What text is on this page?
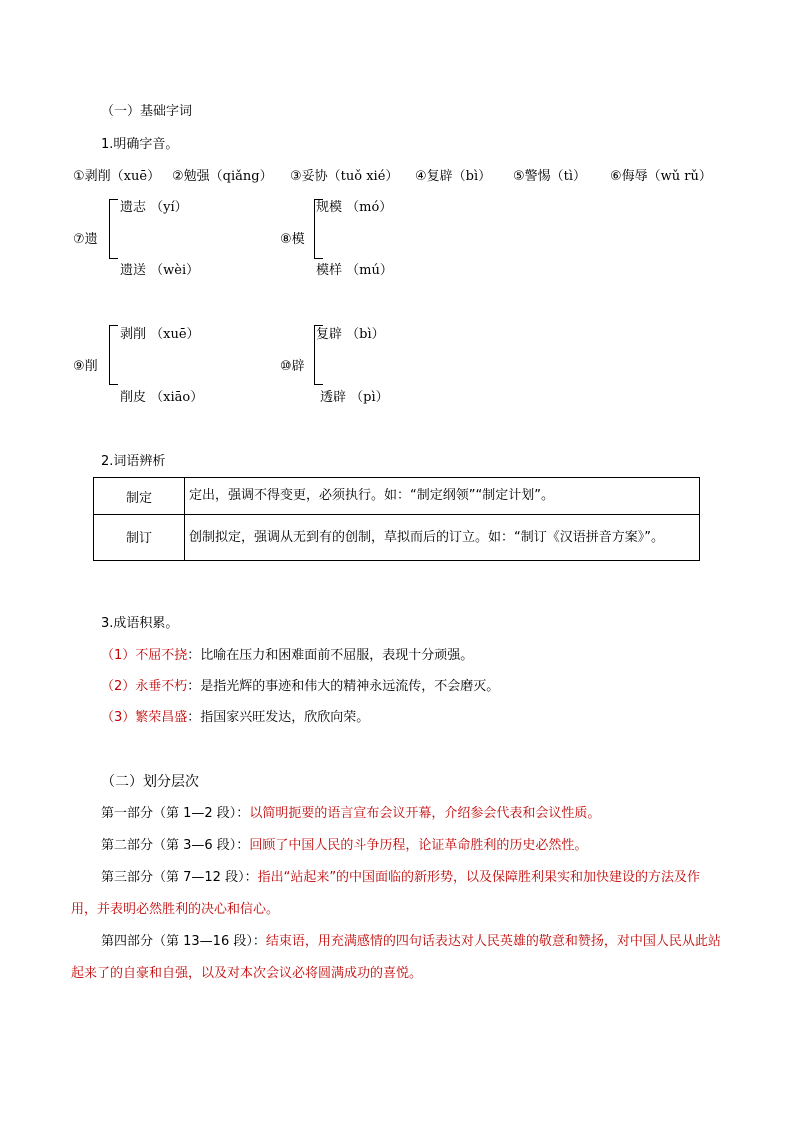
（一）基础字词
1.明确字音。
①剥削（xuē） ②勉强（qiǎng） ③妥协（tuǒ xié） ④复辟（bì） ⑤警惕（tì） ⑥侮辱（wǔ rǔ）
⑦遗
遗志 （yí）
遗送 （wèi）
⑧模
规模 （mó）
模样 （mú）
⑨削
剥削 （xuē）
削皮 （xiāo）
⑩辟
复辟 （bì）
透辟 （pì）
2.词语辨析
制定	定出，强调不得变更，必须执行。如：“制定纲领”“制定计划”。
制订	创制拟定，强调从无到有的创制，草拟而后的订立。如：“制订《汉语拼音方案》”。
3.成语积累。
（1）不屈不挠：比喻在压力和困难面前不屈服，表现十分顽强。
（2）永垂不朽：是指光辉的事迹和伟大的精神永远流传，不会磨灭。
（3）繁荣昌盛：指国家兴旺发达，欣欣向荣。
（二）划分层次
第一部分（第 1—2 段）：以简明扼要的语言宣布会议开幕，介绍参会代表和会议性质。
第二部分（第 3—6 段）：回顾了中国人民的斗争历程，论证革命胜利的历史必然性。
第三部分（第 7—12 段）：指出“站起来”的中国面临的新形势，以及保障胜利果实和加快建设的方法及作用，并表明必然胜利的决心和信心。
第四部分（第 13—16 段）：结束语，用充满感情的四句话表达对人民英雄的敬意和赞扬，对中国人民从此站起来了的自豪和自强，以及对本次会议必将圆满成功的喜悦。
